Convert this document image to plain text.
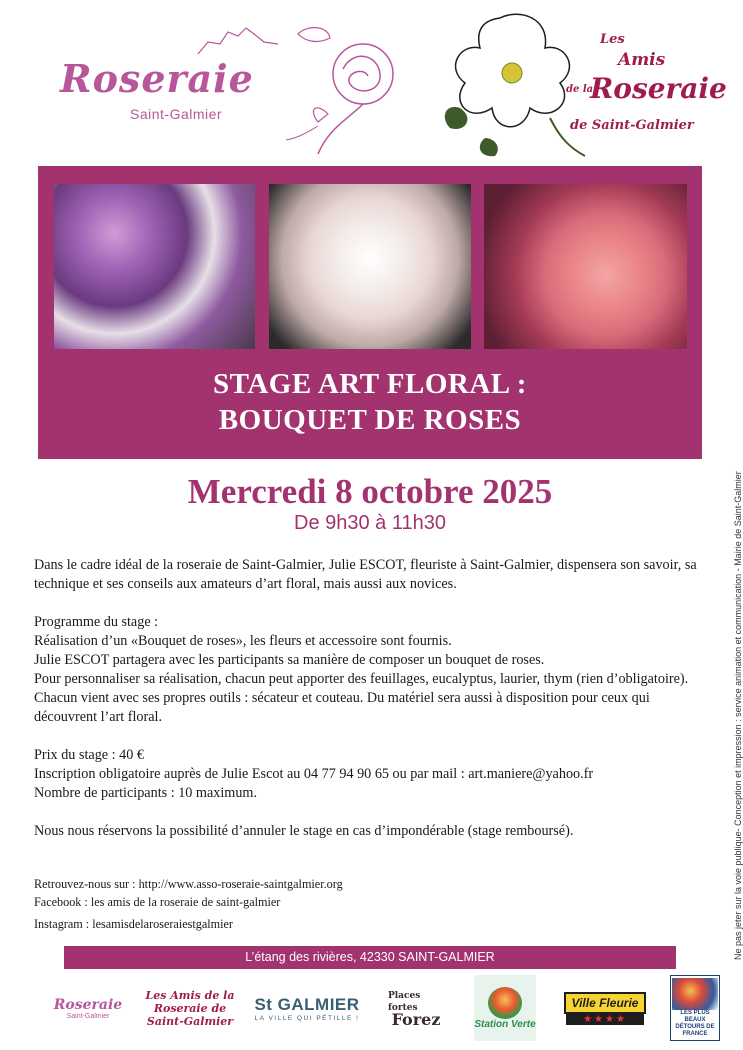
Roseraie
Saint-Galmier
Les
Amis
de la
Roseraie
de Saint-Galmier
STAGE ART FLORAL :
BOUQUET DE ROSES
Mercredi 8 octobre 2025
De 9h30 à 11h30

Dans le cadre idéal de la roseraie de Saint-Galmier, Julie ESCOT, fleuriste à Saint-Galmier, dispensera son savoir, sa technique et ses conseils aux amateurs d’art floral, mais aussi aux novices.

Programme du stage :

Réalisation d’un «Bouquet de roses», les fleurs et accessoire sont fournis.

Julie ESCOT partagera avec les participants sa manière de composer un bouquet de roses.

Pour personnaliser sa réalisation, chacun peut apporter des feuillages, eucalyptus, laurier, thym (rien d’obligatoire).

Chacun vient avec ses propres outils : sécateur et couteau. Du matériel sera aussi à disposition pour ceux qui découvrent l’art floral.

Prix du stage : 40 €

Inscription obligatoire auprès de Julie Escot au 04 77 94 90 65 ou par mail : art.maniere@yahoo.fr

Nombre de participants : 10 maximum.

Nous nous réservons la possibilité d’annuler le stage en cas d’impondérable (stage remboursé).

Retrouvez-nous sur : http://www.asso-roseraie-saintgalmier.org

Facebook : les amis de la roseraie de saint-galmier

Instagram : lesamisdelaroseraiestgalmier

L’étang des rivières, 42330 SAINT-GALMIER	Ne pas jeter sur la voie publique- Conception et impression : service animation et communication - Mairie de Saint-Galmier
Roseraie
Saint-Galmier
Les Amis de la Roseraie de Saint-Galmier
St GALMIER
LA VILLE QUI PÉTILLE !
Places fortes
Forez	Station Verte
Ville Fleurie
★★★★
LES PLUS BEAUX DÉTOURS DE FRANCE
